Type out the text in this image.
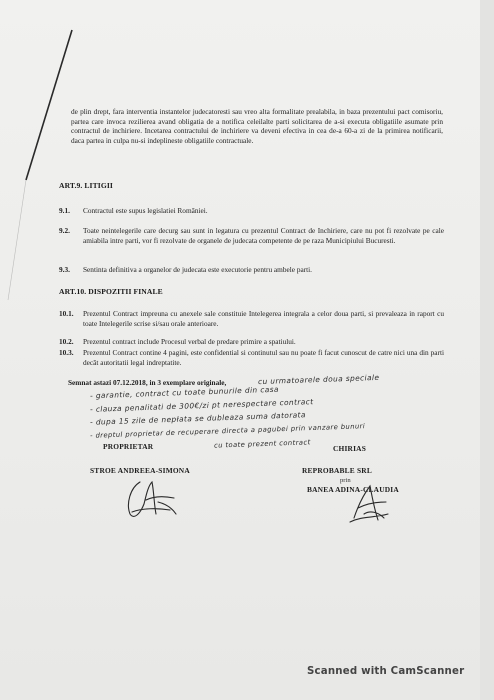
de plin drept, fara interventia instantelor judecatoresti sau vreo alta formalitate prealabila, in baza prezentului pact comisoriu, partea care invoca rezilierea avand obligatia de a notifica celeilalte parti solicitarea de a-si executa obligatiile asumate prin contractul de inchiriere. Incetarea contractului de inchiriere va deveni efectiva in cea de-a 60-a zi de la primirea notificarii, daca partea in culpa nu-si indeplineste obligatiile contractuale.
ART.9. LITIGII
9.1.	Contractul este supus legislatiei Romāniei.
9.2.	Toate neintelegerile care decurg sau sunt in legatura cu prezentul Contract de Inchiriere, care nu pot fi rezolvate pe cale amiabila intre parti, vor fi rezolvate de organele de judecata competente de pe raza Municipiului Bucuresti.
9.3.	Sentinta definitiva a organelor de judecata este executorie pentru ambele parti.
ART.10. DISPOZITII FINALE
10.1.	Prezentul Contract impreuna cu anexele sale constituie Intelegerea integrala a celor doua parti, si prevaleaza in raport cu toate Intelegerile scrise si/sau orale anterioare.
10.2.	Prezentul contract include Procesul verbal de predare primire a spatiului.
10.3.	Prezentul Contract contine 4 pagini, este confidential si continutul sau nu poate fi facut cunoscut de catre nici una din parti decāt autoritatii legal indreptatite.
Semnat astazi 07.12.2018, in 3 exemplare originale,	cu urmatoarele doua speciale
- garantie, contract cu toate bunurile din casa
- clauza penalitati de 300€/zi pt nerespectare contract
- dupa 15 zile de nepłata se dubleaza suma datorata
- dreptul proprietar de recuperare directa a pagubei prin vanzare bunuri
cu toate prezent contract
PROPRIETAR	CHIRIAS
STROE ANDREEA-SIMONA	REPROBABLE SRL
prin
BANEA ADINA-CLAUDIA
Scanned with CamScanner
